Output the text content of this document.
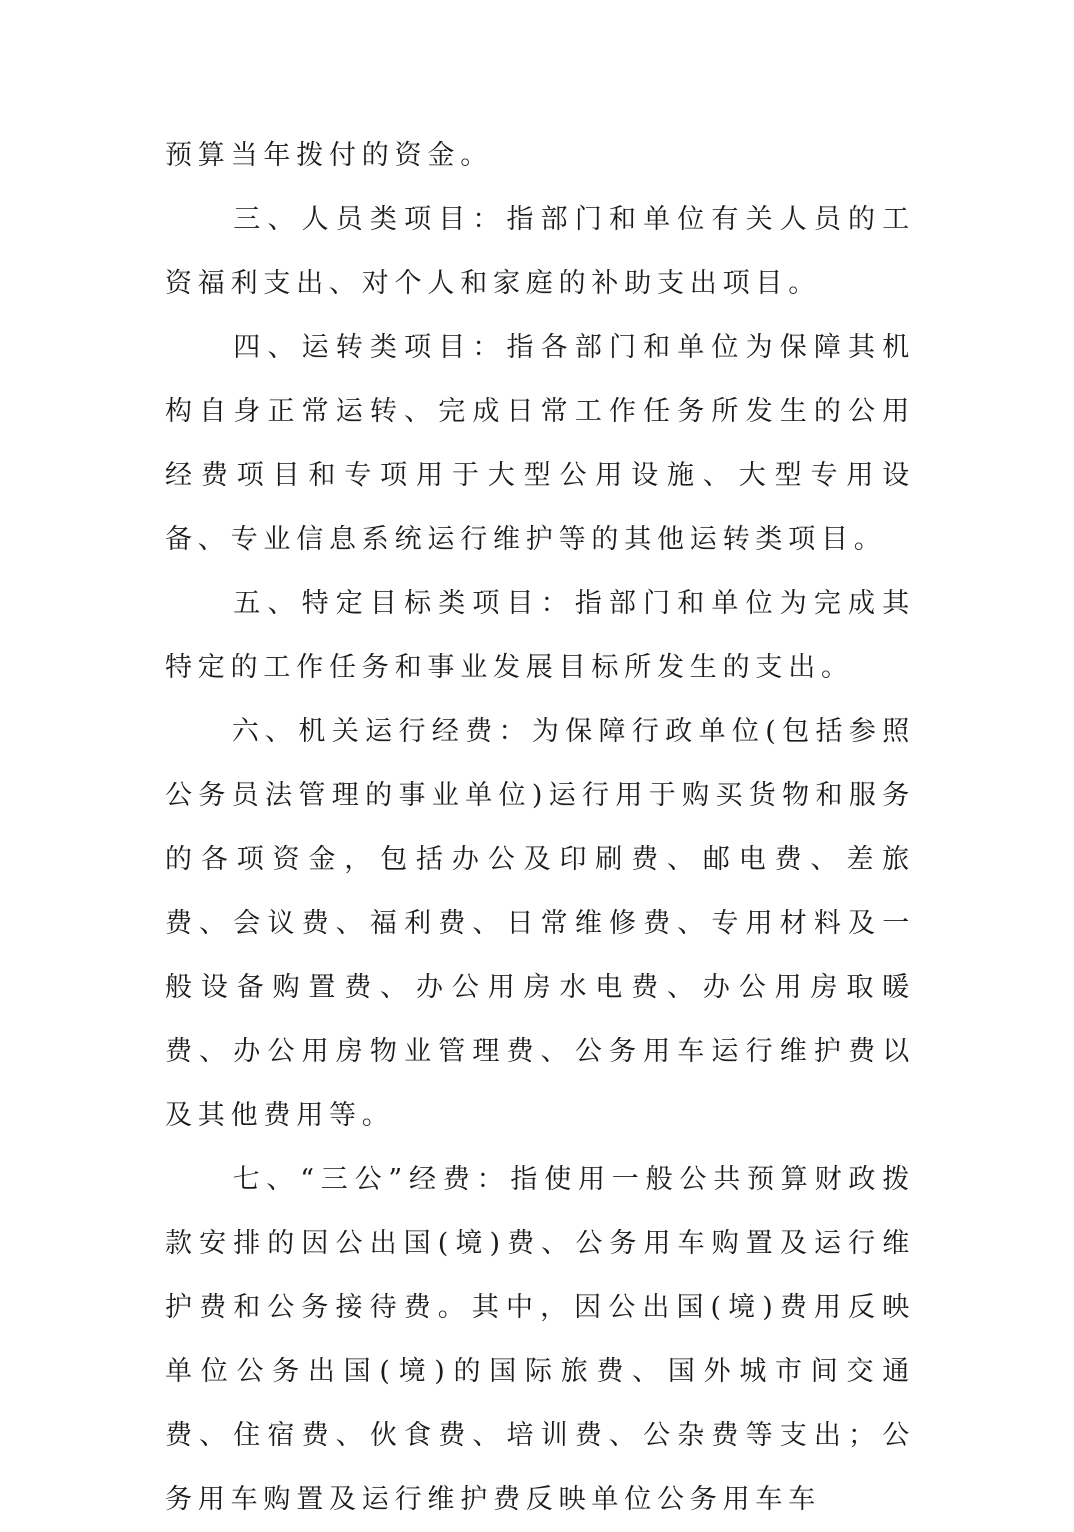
预算当年拨付的资金。

　　三、人员类项目：指部门和单位有关人员的工资福利支出、对个人和家庭的补助支出项目。

　　四、运转类项目：指各部门和单位为保障其机构自身正常运转、完成日常工作任务所发生的公用经费项目和专项用于大型公用设施、大型专用设备、专业信息系统运行维护等的其他运转类项目。

　　五、特定目标类项目：指部门和单位为完成其特定的工作任务和事业发展目标所发生的支出。

　　六、机关运行经费：为保障行政单位(包括参照公务员法管理的事业单位)运行用于购买货物和服务的各项资金，包括办公及印刷费、邮电费、差旅费、会议费、福利费、日常维修费、专用材料及一般设备购置费、办公用房水电费、办公用房取暖费、办公用房物业管理费、公务用车运行维护费以及其他费用等。

　　七、“三公”经费：指使用一般公共预算财政拨款安排的因公出国(境)费、公务用车购置及运行维护费和公务接待费。其中，因公出国(境)费用反映单位公务出国(境)的国际旅费、国外城市间交通费、住宿费、伙食费、培训费、公杂费等支出；公务用车购置及运行维护费反映单位公务用车车
